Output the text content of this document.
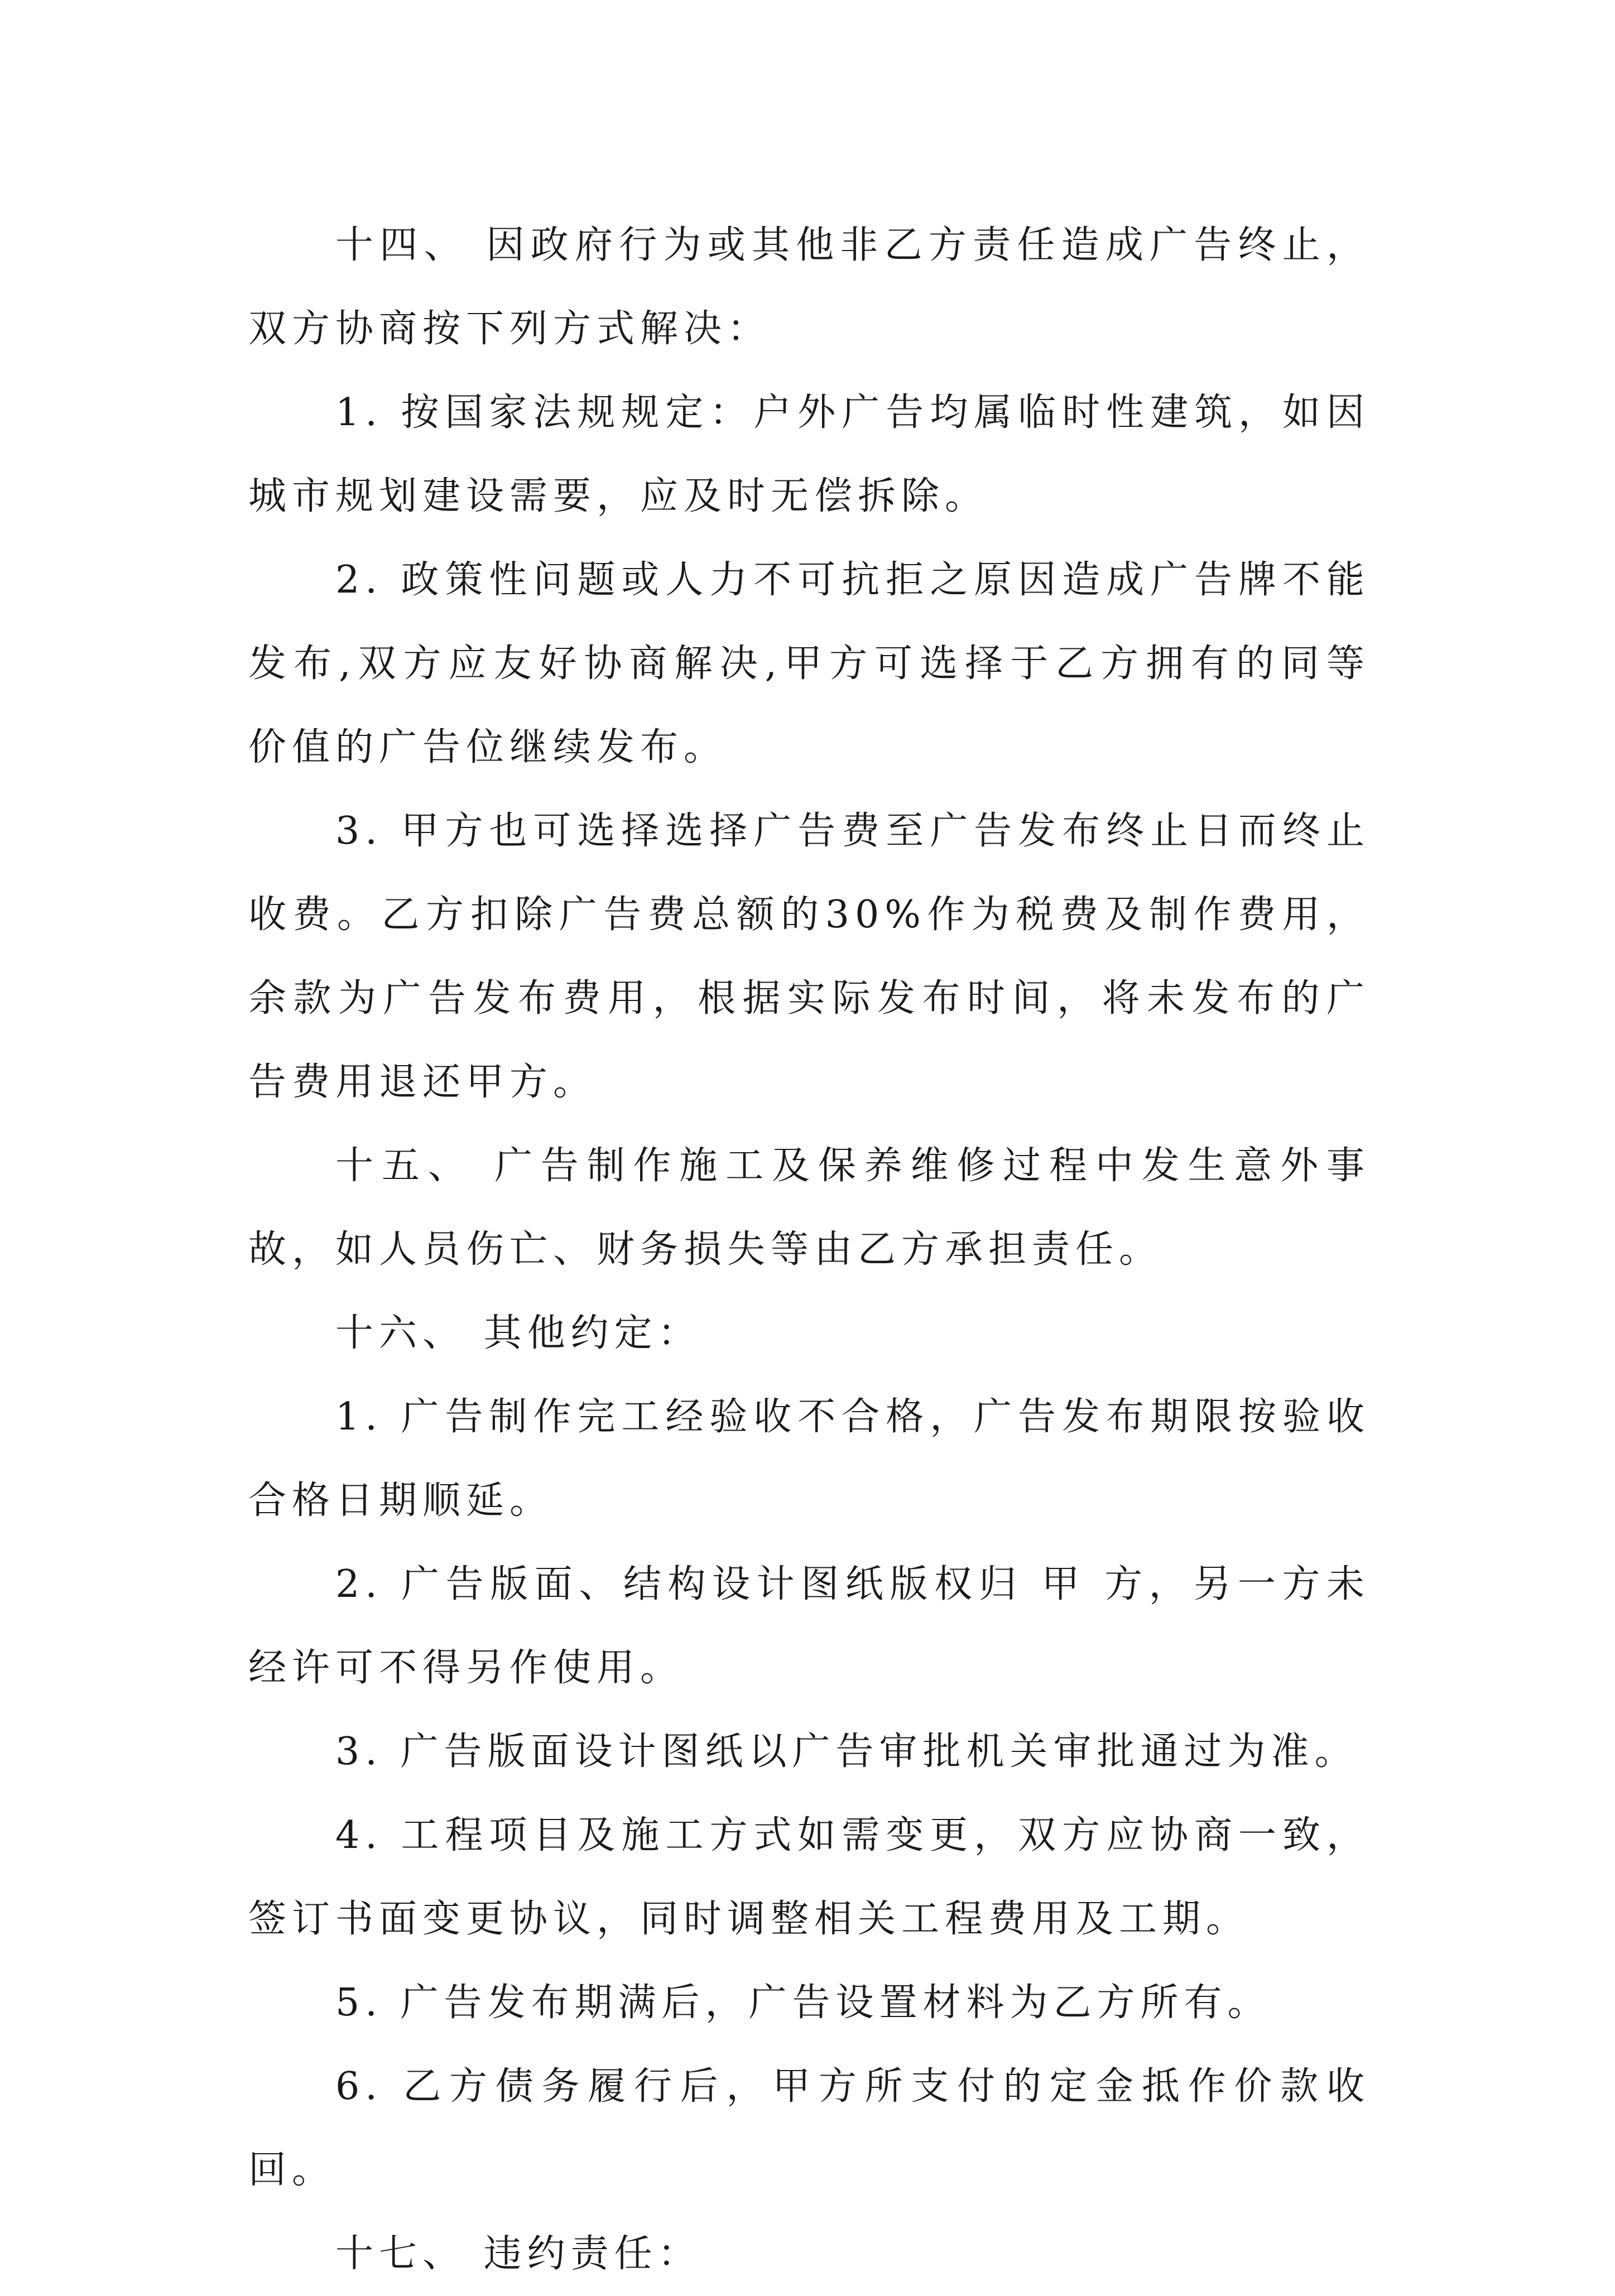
十四、 因政府行为或其他非乙方责任造成广告终止，双方协商按下列方式解决：

1. 按国家法规规定：户外广告均属临时性建筑，如因城市规划建设需要，应及时无偿拆除。

2. 政策性问题或人力不可抗拒之原因造成广告牌不能发布,双方应友好协商解决,甲方可选择于乙方拥有的同等价值的广告位继续发布。

3. 甲方也可选择选择广告费至广告发布终止日而终止收费。乙方扣除广告费总额的30%作为税费及制作费用，余款为广告发布费用，根据实际发布时间，将未发布的广告费用退还甲方。

十五、 广告制作施工及保养维修过程中发生意外事故，如人员伤亡、财务损失等由乙方承担责任。

十六、 其他约定：

1. 广告制作完工经验收不合格，广告发布期限按验收合格日期顺延。

2. 广告版面、结构设计图纸版权归 甲 方，另一方未经许可不得另作使用。

3. 广告版面设计图纸以广告审批机关审批通过为准。

4. 工程项目及施工方式如需变更，双方应协商一致，签订书面变更协议，同时调整相关工程费用及工期。

5. 广告发布期满后，广告设置材料为乙方所有。

6. 乙方债务履行后，甲方所支付的定金抵作价款收回。

十七、 违约责任：
